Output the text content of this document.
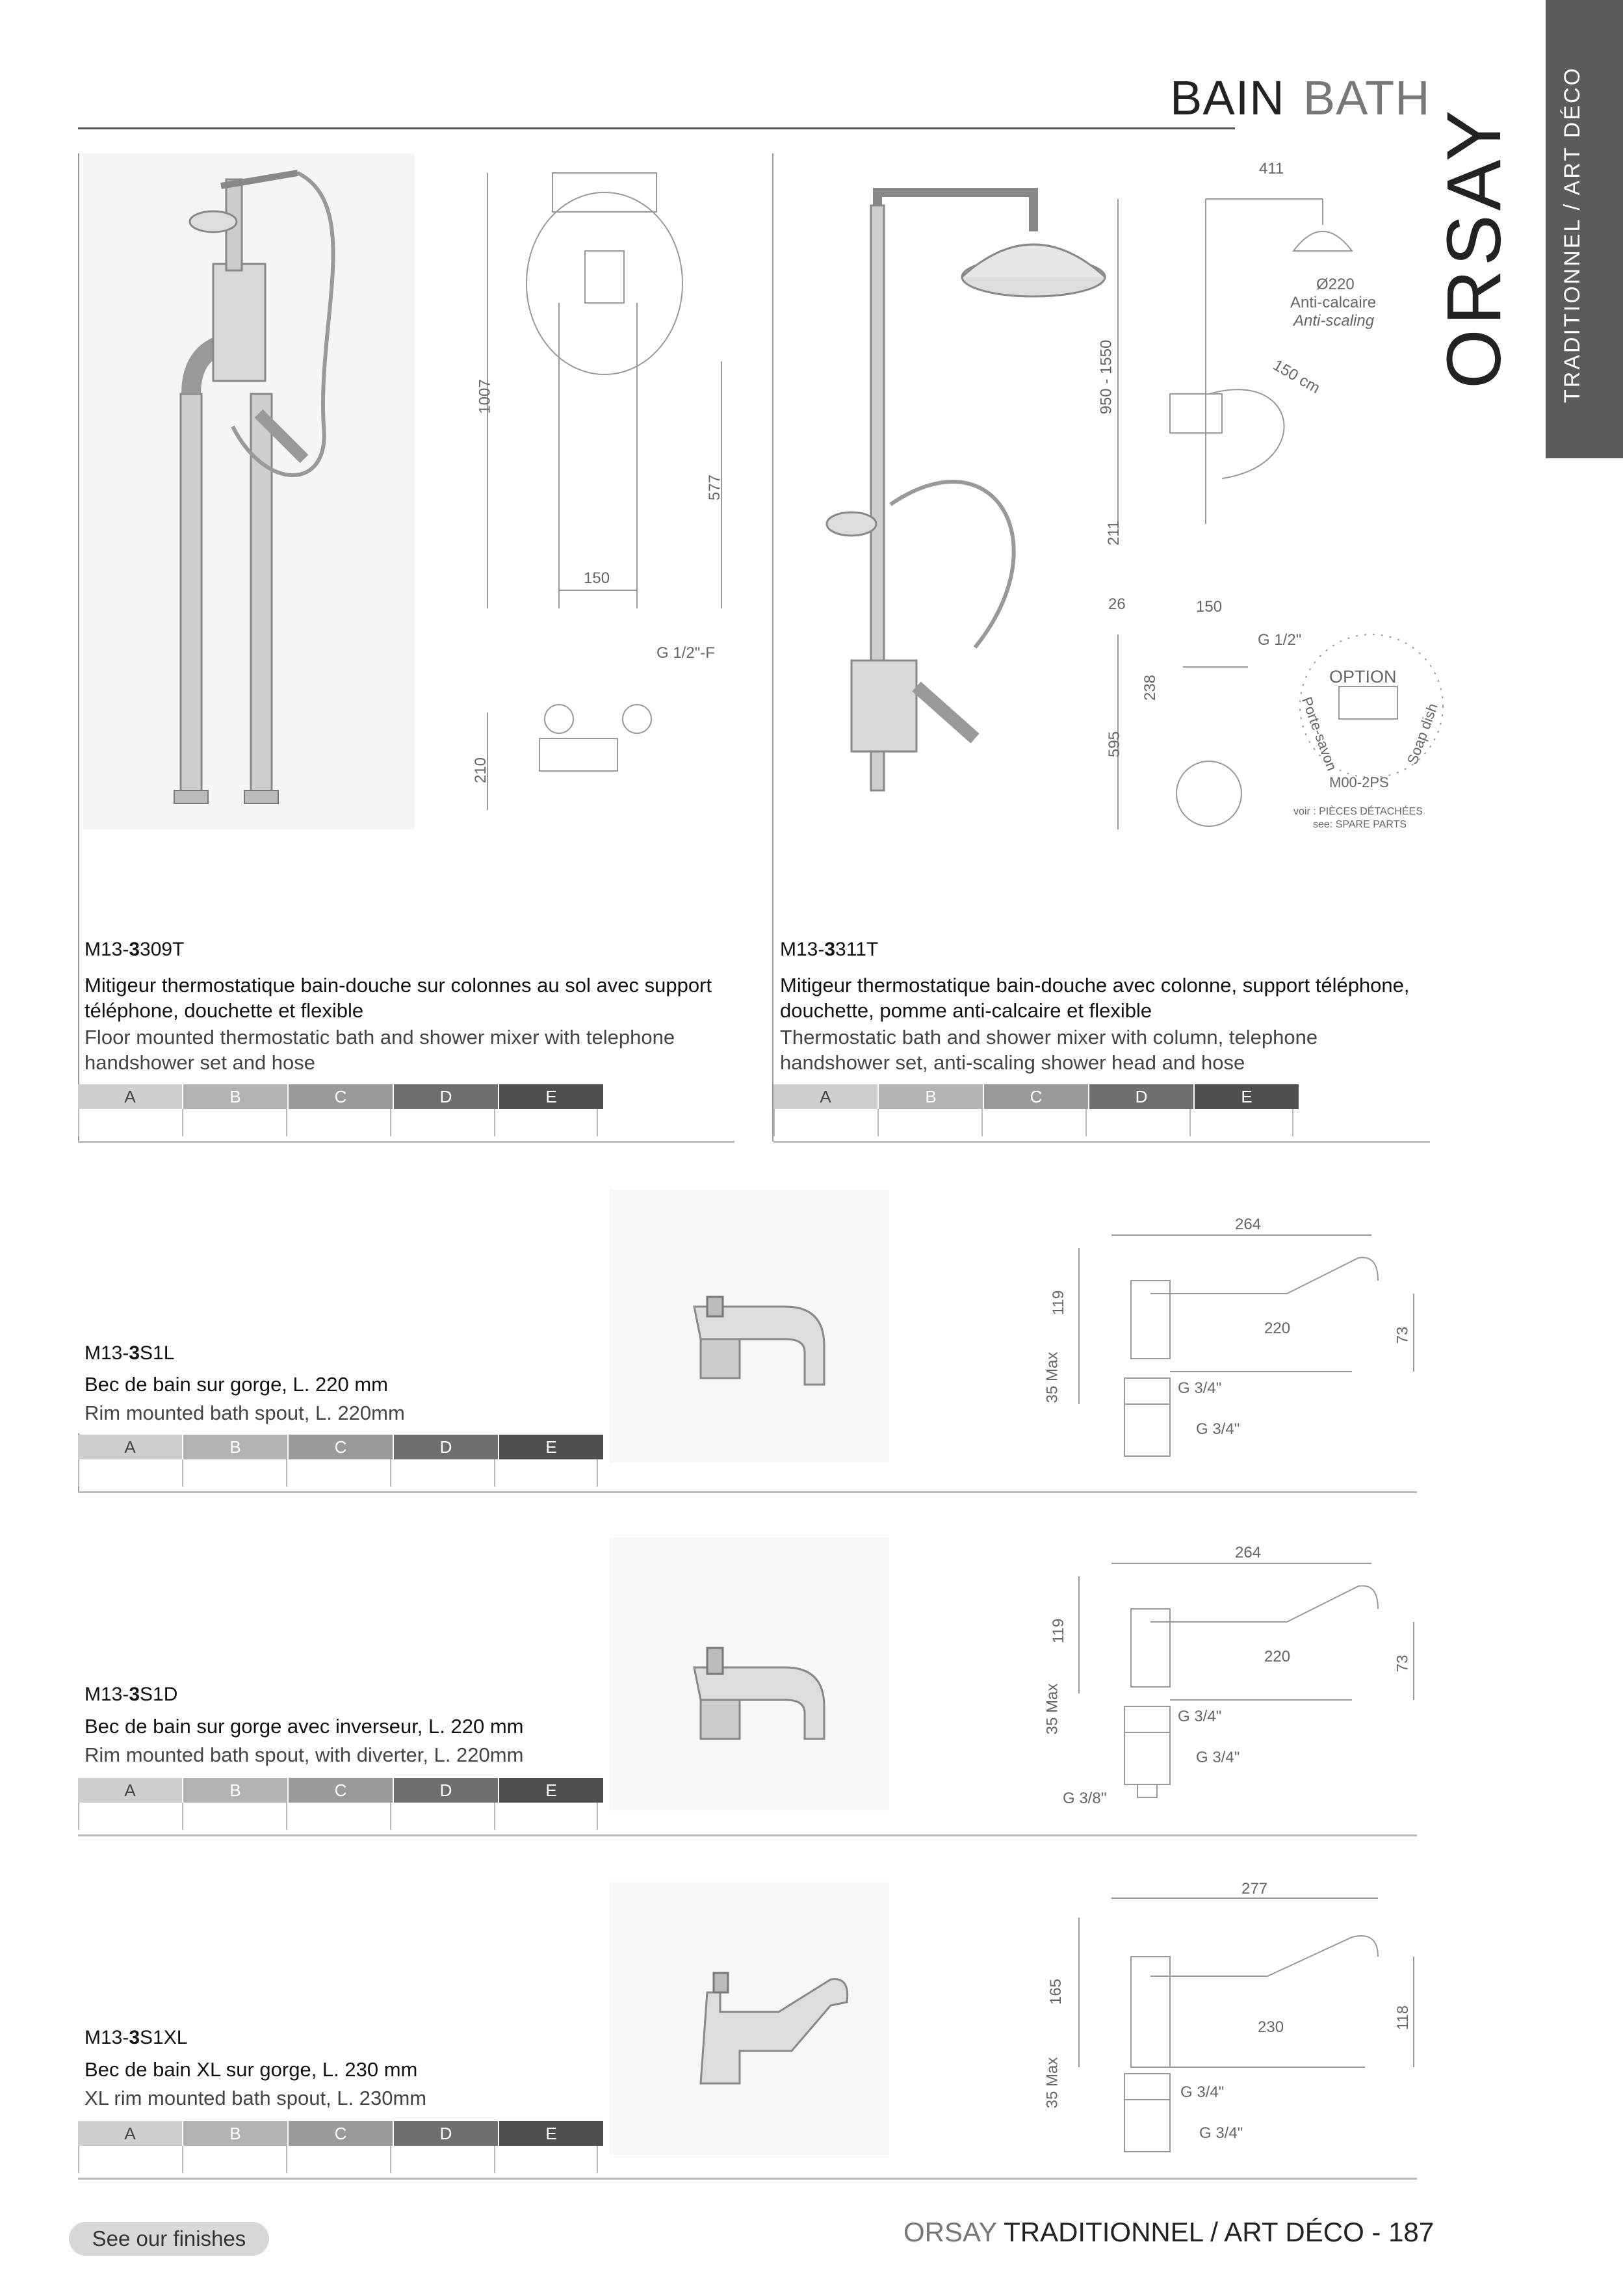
BAIN BATH	TRADITIONNEL / ART DÉCO
ORSAY
1007
577
150
G 1/2"-F
210
M13-3309T
Mitigeur thermostatique bain-douche sur colonnes au sol avec support téléphone, douchette et flexible
Floor mounted thermostatic bath and shower mixer with telephone handshower set and hose
A	B	C	D	E
411
Ø220
Anti-calcaire
Anti-scaling
150 cm
950 - 1550
211
26	150
G 1/2"
238
595
OPTION
Porte-savon	Soap dish
M00-2PS
voir : PIÈCES DÉTACHÉES
see: SPARE PARTS
M13-3311T
Mitigeur thermostatique bain-douche avec colonne, support téléphone, douchette, pomme anti-calcaire et flexible
Thermostatic bath and shower mixer with column, telephone handshower set, anti-scaling shower head and hose
A	B	C	D	E
264
220	73
119
35 Max	G 3/4"
G 3/4"
M13-3S1L
Bec de bain sur gorge, L. 220 mm
Rim mounted bath spout, L. 220mm
A	B	C	D	E
264
220	73
119
35 Max	G 3/4"
G 3/4"
G 3/8''
M13-3S1D
Bec de bain sur gorge avec inverseur, L. 220 mm
Rim mounted bath spout, with diverter, L. 220mm
A	B	C	D	E
277
230	118
165
35 Max	G 3/4"
G 3/4"
M13-3S1XL
Bec de bain XL sur gorge, L. 230 mm
XL rim mounted bath spout, L. 230mm
A	B	C	D	E
See our finishes	ORSAY TRADITIONNEL / ART DÉCO - 187
